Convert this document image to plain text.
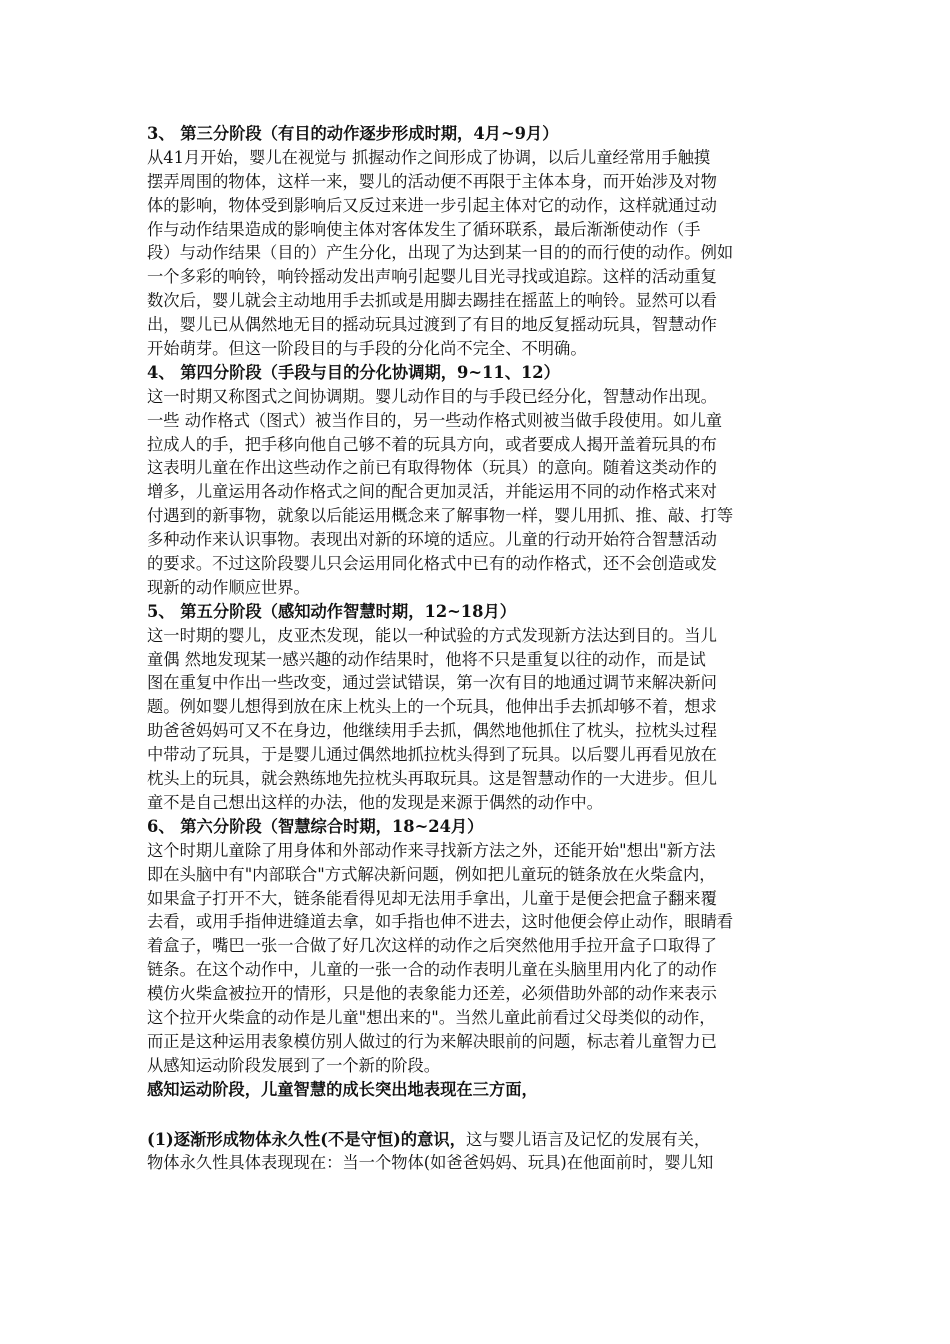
3、 第三分阶段（有目的动作逐步形成时期，4月~9月）
从41月开始，婴儿在视觉与 抓握动作之间形成了协调，以后儿童经常用手触摸
摆弄周围的物体，这样一来，婴儿的活动便不再限于主体本身，而开始涉及对物
体的影响，物体受到影响后又反过来进一步引起主体对它的动作，这样就通过动
作与动作结果造成的影响使主体对客体发生了循环联系，最后渐渐使动作（手
段）与动作结果（目的）产生分化，出现了为达到某一目的的而行使的动作。例如
一个多彩的响铃，响铃摇动发出声响引起婴儿目光寻找或追踪。这样的活动重复
数次后，婴儿就会主动地用手去抓或是用脚去踢挂在摇蓝上的响铃。显然可以看
出，婴儿已从偶然地无目的摇动玩具过渡到了有目的地反复摇动玩具，智慧动作
开始萌芽。但这一阶段目的与手段的分化尚不完全、不明确。
4、 第四分阶段（手段与目的分化协调期，9~11、12）
这一时期又称图式之间协调期。婴儿动作目的与手段已经分化，智慧动作出现。
一些 动作格式（图式）被当作目的，另一些动作格式则被当做手段使用。如儿童
拉成人的手，把手移向他自己够不着的玩具方向，或者要成人揭开盖着玩具的布
这表明儿童在作出这些动作之前已有取得物体（玩具）的意向。随着这类动作的
增多，儿童运用各动作格式之间的配合更加灵活，并能运用不同的动作格式来对
付遇到的新事物，就象以后能运用概念来了解事物一样，婴儿用抓、推、敲、打等
多种动作来认识事物。表现出对新的环境的适应。儿童的行动开始符合智慧活动
的要求。不过这阶段婴儿只会运用同化格式中已有的动作格式，还不会创造或发
现新的动作顺应世界。
5、 第五分阶段（感知动作智慧时期，12~18月）
这一时期的婴儿，皮亚杰发现，能以一种试验的方式发现新方法达到目的。当儿
童偶 然地发现某一感兴趣的动作结果时，他将不只是重复以往的动作，而是试
图在重复中作出一些改变，通过尝试错误，第一次有目的地通过调节来解决新问
题。例如婴儿想得到放在床上枕头上的一个玩具，他伸出手去抓却够不着，想求
助爸爸妈妈可又不在身边，他继续用手去抓，偶然地他抓住了枕头，拉枕头过程
中带动了玩具，于是婴儿通过偶然地抓拉枕头得到了玩具。以后婴儿再看见放在
枕头上的玩具，就会熟练地先拉枕头再取玩具。这是智慧动作的一大进步。但儿
童不是自己想出这样的办法，他的发现是来源于偶然的动作中。
6、 第六分阶段（智慧综合时期，18~24月）
这个时期儿童除了用身体和外部动作来寻找新方法之外，还能开始"想出"新方法
即在头脑中有"内部联合"方式解决新问题，例如把儿童玩的链条放在火柴盒内，
如果盒子打开不大，链条能看得见却无法用手拿出，儿童于是便会把盒子翻来覆
去看，或用手指伸进缝道去拿，如手指也伸不进去，这时他便会停止动作，眼睛看
着盒子，嘴巴一张一合做了好几次这样的动作之后突然他用手拉开盒子口取得了
链条。在这个动作中，儿童的一张一合的动作表明儿童在头脑里用内化了的动作
模仿火柴盒被拉开的情形，只是他的表象能力还差，必须借助外部的动作来表示
这个拉开火柴盒的动作是儿童"想出来的"。当然儿童此前看过父母类似的动作，
而正是这种运用表象模仿别人做过的行为来解决眼前的问题，标志着儿童智力已
从感知运动阶段发展到了一个新的阶段。
感知运动阶段，儿童智慧的成长突出地表现在三方面，
(1)逐渐形成物体永久性(不是守恒)的意识，这与婴儿语言及记忆的发展有关，
物体永久性具体表现现在：当一个物体(如爸爸妈妈、玩具)在他面前时，婴儿知
